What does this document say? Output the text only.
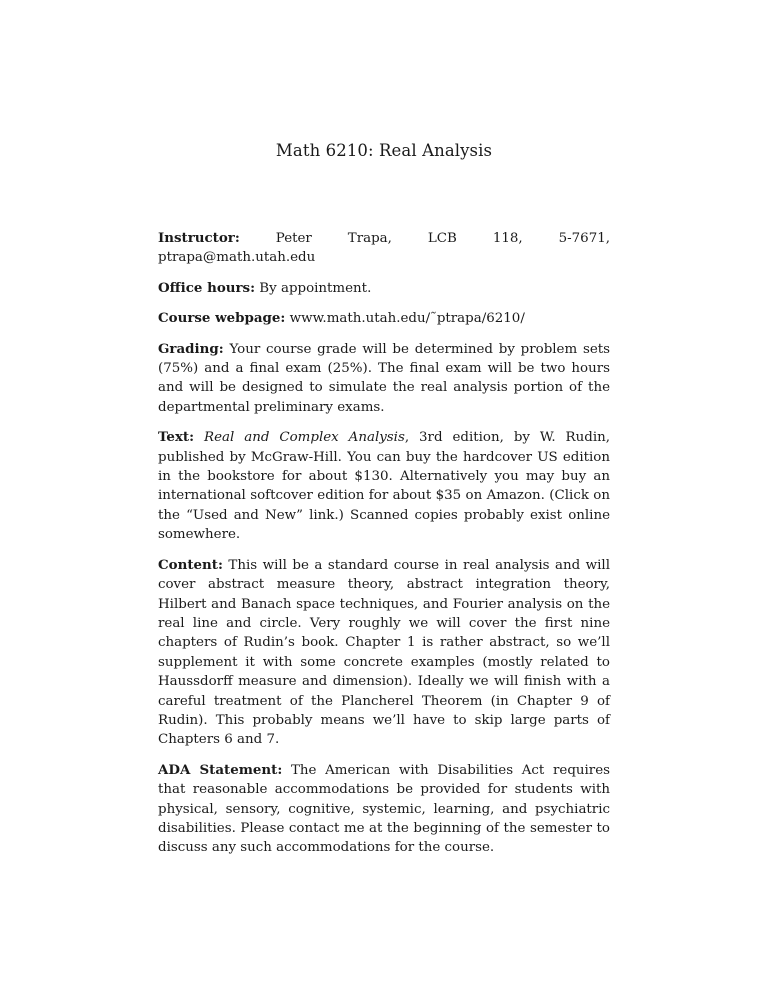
Math 6210: Real Analysis

Instructor:	Peter Trapa, LCB 118, 5-7671, ptrapa@math.utah.edu

Office hours: By appointment.

Course webpage: www.math.utah.edu/˜ptrapa/6210/

Grading: Your course grade will be determined by problem sets (75%) and a final exam (25%). The final exam will be two hours and will be designed to simulate the real analysis portion of the departmental preliminary exams.

Text: Real and Complex Analysis, 3rd edition, by W. Rudin, published by McGraw-Hill. You can buy the hardcover US edition in the bookstore for about $130. Alternatively you may buy an international softcover edition for about $35 on Amazon. (Click on the “Used and New” link.) Scanned copies probably exist online somewhere.

Content: This will be a standard course in real analysis and will cover abstract measure theory, abstract integration theory, Hilbert and Banach space techniques, and Fourier analysis on the real line and circle. Very roughly we will cover the first nine chapters of Rudin’s book. Chapter 1 is rather abstract, so we’ll supplement it with some concrete examples (mostly related to Haussdorff measure and dimension). Ideally we will finish with a careful treatment of the Plancherel Theorem (in Chapter 9 of Rudin). This probably means we’ll have to skip large parts of Chapters 6 and 7.

ADA Statement: The American with Disabilities Act requires that reasonable accommodations be provided for students with physical, sensory, cognitive, systemic, learning, and psychiatric disabilities. Please contact me at the beginning of the semester to discuss any such accommodations for the course.
